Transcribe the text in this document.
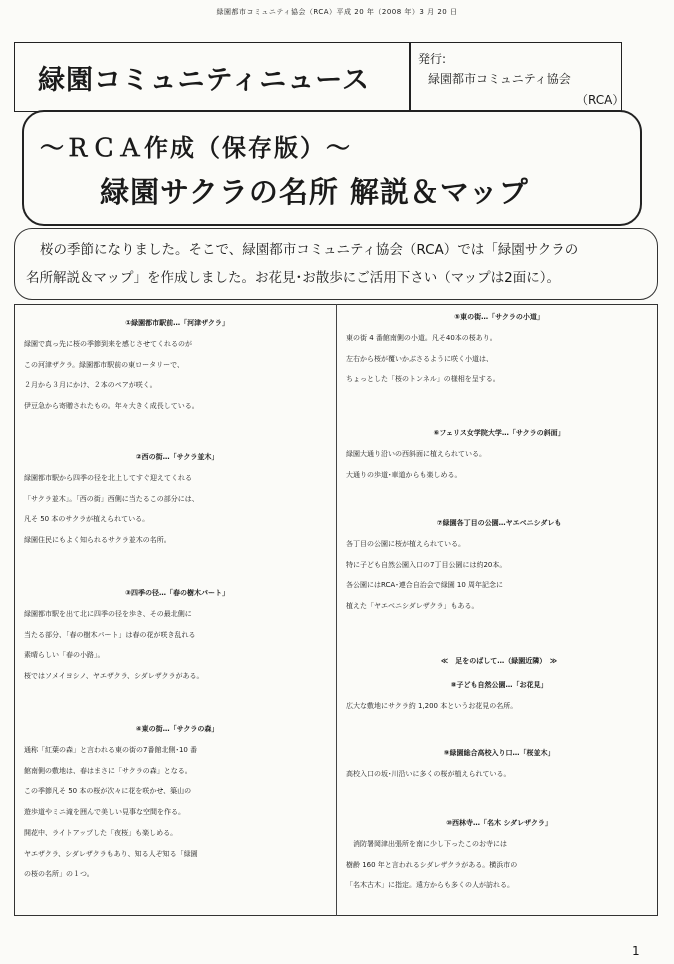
緑園都市コミュニティ協会（RCA）平成 20 年（2008 年）3 月 20 日
緑園コミュニティニュース
発行:
緑園都市コミュニティ協会
（RCA）
～ＲＣＡ作成（保存版）～
緑園サクラの名所 解説＆マップ
桜の季節になりました。そこで、緑園都市コミュニティ協会（RCA）では「緑園サクラの
名所解説＆マップ」を作成しました。お花見･お散歩にご活用下さい（マップは2面に）。
①緑園都市駅前…「河津ザクラ」
緑園で真っ先に桜の季節到来を感じさせてくれるのが
この河津ザクラ。緑園都市駅前の東ロータリーで、
２月から３月にかけ、２本のペアが咲く。
伊豆急から寄贈されたもの。年々大きく成長している。
②西の街…「サクラ並木」
緑園都市駅から四季の径を北上してすぐ迎えてくれる
「サクラ並木」。「西の街」西側に当たるこの部分には、
凡そ 50 本のサクラが植えられている。
緑園住民にもよく知られるサクラ並木の名所。
③四季の径…「春の樹木パート」
緑園都市駅を出て北に四季の径を歩き、その最北側に
当たる部分、「春の樹木パート」は春の花が咲き乱れる
素晴らしい「春の小路」。
桜ではソメイヨシノ、ヤエザクラ、シダレザクラがある。
④東の街…「サクラの森」
通称「紅葉の森」と言われる東の街の7番館北側･10 番
館南側の敷地は、春はまさに「サクラの森」となる。
この季節凡そ 50 本の桜が次々に花を咲かせ、築山の
遊歩道やミニ滝を囲んで美しい見事な空間を作る。
開花中、ライトアップした「夜桜」も楽しめる。
ヤエザクラ、シダレザクラもあり、知る人ぞ知る「緑園
の桜の名所」の１つ。
⑤東の街…「サクラの小道」
東の街 4 番館南側の小道。凡そ40本の桜あり。
左右から桜が覆いかぶさるように咲く小道は、
ちょっとした「桜のトンネル」の様相を呈する。
⑥フェリス女学院大学…「サクラの斜面」
緑園大通り沿いの西斜面に植えられている。
大通りの歩道･車道からも楽しめる。
⑦緑園各丁目の公園…ヤエベニシダレも
各丁目の公園に桜が植えられている。
特に子ども自然公園入口の7丁目公園には約20本。
各公園にはRCA･連合自治会で緑園 10 周年記念に
植えた「ヤエベニシダレザクラ」もある。
≪　足をのばして…（緑園近隣）　≫
⑧子ども自然公園…「お花見」
広大な敷地にサクラ約 1,200 本というお花見の名所。
⑨緑園総合高校入り口…「桜並木」
高校入口の坂･川沿いに多くの桜が植えられている。
⑩西林寺…「名木 シダレザクラ」
　消防署岡津出張所を南に少し下ったこのお寺には
樹齢 160 年と言われるシダレザクラがある。横浜市の
「名木古木」に指定。遠方からも多くの人が訪れる。
1
